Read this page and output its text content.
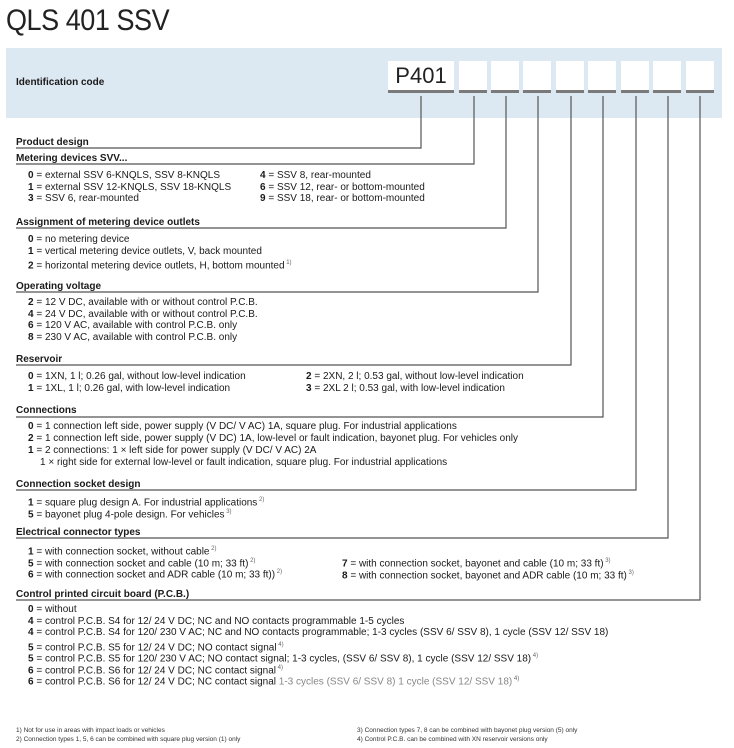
QLS 401 SSV
Identification code	P401
Product design
Metering devices SVV...
0 = external SSV 6-KNQLS, SSV 8-KNQLS
1 = external SSV 12-KNQLS, SSV 18-KNQLS
3 = SSV 6, rear-mounted
4 = SSV 8, rear-mounted
6 = SSV 12, rear- or bottom-mounted
9 = SSV 18, rear- or bottom-mounted
Assignment of metering device outlets
0 = no metering device
1 = vertical metering device outlets, V, back mounted
2 = horizontal metering device outlets, H, bottom mounted $^{1)}$
Operating voltage
2 = 12 V DC, available with or without control P.C.B.
4 = 24 V DC, available with or without control P.C.B.
6 = 120 V AC, available with control P.C.B. only
8 = 230 V AC, available with control P.C.B. only
Reservoir
0 = 1XN, 1 l; 0.26 gal, without low-level indication
1 = 1XL, 1 l; 0.26 gal, with low-level indication
2 = 2XN, 2 l; 0.53 gal, without low-level indication
3 = 2XL 2 l; 0.53 gal, with low-level indication
Connections
0 = 1 connection left side, power supply (V DC/ V AC) 1A, square plug. For industrial applications
2 = 1 connection left side, power supply (V DC) 1A, low-level or fault indication, bayonet plug. For vehicles only
1 = 2 connections: 1 × left side for power supply (V DC/ V AC) 2A
1 × right side for external low-level or fault indication, square plug. For industrial applications
Connection socket design
1 = square plug design A. For industrial applications $^{2)}$
5 = bayonet plug 4-pole design. For vehicles $^{3)}$
Electrical connector types
1 = with connection socket, without cable $^{2)}$
5 = with connection socket and cable (10 m; 33 ft) $^{2)}$
6 = with connection socket and ADR cable (10 m; 33 ft)) $^{2)}$
7 = with connection socket, bayonet and cable (10 m; 33 ft) $^{3)}$
8 = with connection socket, bayonet and ADR cable (10 m; 33 ft) $^{3)}$
Control printed circuit board (P.C.B.)
0 = without
4 = control P.C.B. S4 for 12/ 24 V DC; NC and NO contacts programmable 1-5 cycles
4 = control P.C.B. S4 for 120/ 230 V AC; NC and NO contacts programmable; 1-3 cycles (SSV 6/ SSV 8), 1 cycle (SSV 12/ SSV 18)
5 = control P.C.B. S5 for 12/ 24 V DC; NO contact signal $^{4)}$
5 = control P.C.B. S5 for 120/ 230 V AC; NO contact signal; 1-3 cycles, (SSV 6/ SSV 8), 1 cycle (SSV 12/ SSV 18) $^{4)}$
6 = control P.C.B. S6 for 12/ 24 V DC; NC contact signal $^{4)}$
6 = control P.C.B. S6 for 12/ 24 V DC; NC contact signal 1-3 cycles (SSV 6/ SSV 8) 1 cycle (SSV 12/ SSV 18) $^{4)}$
1) Not for use in areas with impact loads or vehicles
2) Connection types 1, 5, 6 can be combined with square plug version (1) only
3) Connection types 7, 8 can be combined with bayonet plug version (5) only
4) Control P.C.B. can be combined with XN reservoir versions only
